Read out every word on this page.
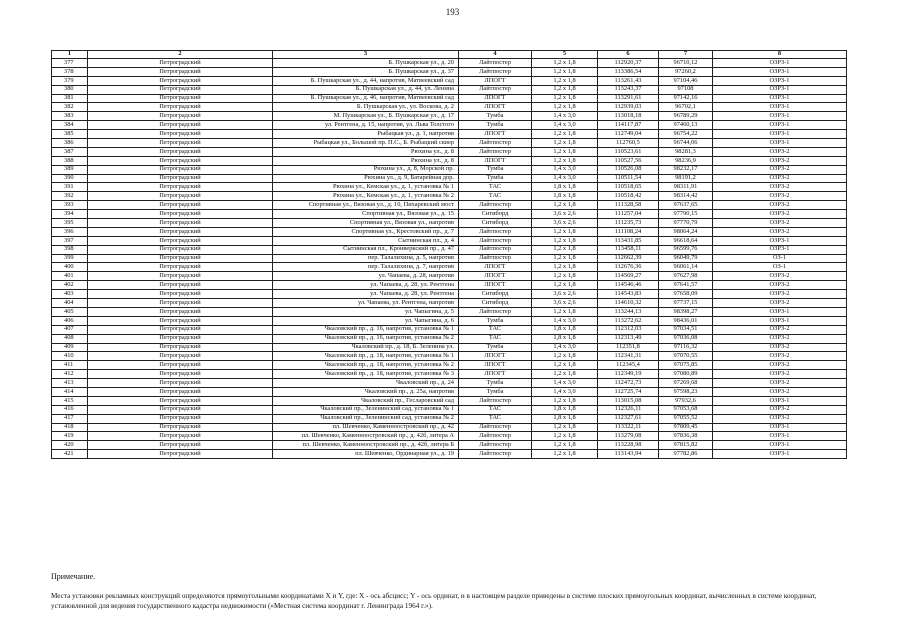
193
1	2	3	4	5	6	7	8
377	Петроградский	Б. Пушкарская ул., д. 20	Лайтпостер	1,2 х 1,8	112920,37	96710,12	ОЗРЗ-1
378	Петроградский	Б. Пушкарская ул., д. 37	Лайтпостер	1,2 х 1,8	113386,54	97260,2	ОЗРЗ-1
379	Петроградский	Б. Пушкарская ул., д. 44, напротив, Матвеевский сад	ЛПОГТ	1,2 х 1,8	113261,43	97104,46	ОЗРЗ-1
380	Петроградский	Б. Пушкарская ул., д. 44, ул. Ленина	Лайтпостер	1,2 х 1,8	113243,37	97108	ОЗРЗ-1
381	Петроградский	Б. Пушкарская ул., д. 46, напротив, Матвеевский сад	ЛПОГТ	1,2 х 1,8	113291,61	97142,16	ОЗРЗ-1
382	Петроградский	Б. Пушкарская ул., ул. Воскова, д. 2	ЛПОГТ	1,2 х 1,8	112939,03	96702,1	ОЗРЗ-1
383	Петроградский	М. Пушкарская ул., Б. Пушкарская ул., д. 17	Тумба	1,4 х 3,0	113018,18	96789,29	ОЗРЗ-1
384	Петроградский	ул. Рентгена, д. 15, напротив, ул. Льва Толстого	Тумба	1,4 х 3,0	114117,87	97460,13	ОЗРЗ-1
385	Петроградский	Рыбацкая ул., д. 1, напротив	ЛПОГТ	1,2 х 1,8	112749,04	96754,22	ОЗРЗ-1
386	Петроградский	Рыбацкая ул., Большой пр. П.С., Б. Рыбацкий сквер	Лайтпостер	1,2 х 1,8	112760,5	96744,06	ОЗРЗ-1
387	Петроградский	Рюхина ул., д. 8	Лайтпостер	1,2 х 1,8	110523,61	98281,3	ОЗРЗ-2
388	Петроградский	Рюхина ул., д. 8	ЛПОГТ	1,2 х 1,8	110527,56	98236,9	ОЗРЗ-2
389	Петроградский	Рюхина ул., д. 8, Морской пр.	Тумба	1,4 х 3,0	110526,08	98232,17	ОЗРЗ-2
390	Петроградский	Рюхина ул., д. 9, Батарейная дор.	Тумба	1,4 х 3,0	110511,54	98191,2	ОЗРЗ-2
391	Петроградский	Рюхина ул., Кемская ул., д. 1, установка № 1	ТАС	1,8 х 1,8	110518,65	98311,91	ОЗРЗ-2
392	Петроградский	Рюхина ул., Кемская ул., д. 1, установка № 2	ТАС	1,8 х 1,8	110518,42	98314,42	ОЗРЗ-2
393	Петроградский	Спортивная ул., Вязовая ул., д. 10, Пихаревский мост	Лайтпостер	1,2 х 1,8	111328,58	97637,65	ОЗРЗ-2
394	Петроградский	Спортивная ул., Вязовая ул., д. 15	Ситиборд	3,6 х 2,6	111257,04	97790,15	ОЗРЗ-2
395	Петроградский	Спортивная ул., Вязовая ул., напротив	Ситиборд	3,6 х 2,6	111235,73	97770,79	ОЗРЗ-2
396	Петроградский	Спортивная ул., Крестовский пр., д. 7	Лайтпостер	1,2 х 1,8	111108,24	98064,24	ОЗРЗ-2
397	Петроградский	Сытнинская пл., д. 4	Лайтпостер	1,2 х 1,8	113431,85	96618,64	ОЗРЗ-1
398	Петроградский	Сытнинская пл., Кронверкский пр., д. 47	Лайтпостер	1,2 х 1,8	113458,11	96599,76	ОЗРЗ-1
399	Петроградский	пер. Талалихина, д. 5, напротив	Лайтпостер	1,2 х 1,8	112662,39	96049,79	ОЗ-1
400	Петроградский	пер. Талалихина, д. 7, напротив	ЛПОГТ	1,2 х 1,8	112676,36	96061,14	ОЗ-1
401	Петроградский	ул. Чапаева, д. 28, напротив	ЛПОГТ	1,2 х 1,8	114569,27	97627,98	ОЗРЗ-2
402	Петроградский	ул. Чапаева, д. 28, ул. Рентгена	ЛПОГТ	1,2 х 1,8	114546,46	97641,57	ОЗРЗ-2
403	Петроградский	ул. Чапаева, д. 28, ул. Рентгена	Ситиборд	3,6 х 2,6	114543,83	97658,09	ОЗРЗ-2
404	Петроградский	ул. Чапаева, ул. Рентгена, напротив	Ситиборд	3,6 х 2,6	114610,32	97737,15	ОЗРЗ-2
405	Петроградский	ул. Чапыгина, д. 5	Лайтпостер	1,2 х 1,8	113244,13	98398,27	ОЗРЗ-1
406	Петроградский	ул. Чапыгина, д. 6	Тумба	1,4 х 3,0	113272,62	98436,01	ОЗРЗ-1
407	Петроградский	Чкаловский пр., д. 16, напротив, установка № 1	ТАС	1,8 х 1,8	112312,03	97034,51	ОЗРЗ-2
408	Петроградский	Чкаловский пр., д. 16, напротив, установка № 2	ТАС	1,8 х 1,8	112313,49	97036,08	ОЗРЗ-2
409	Петроградский	Чкаловский пр., д. 18, Б. Зеленина ул.	Тумба	1,4 х 3,0	112351,8	97116,32	ОЗРЗ-2
410	Петроградский	Чкаловский пр., д. 18, напротив, установка № 1	ЛПОГТ	1,2 х 1,8	112341,31	97070,55	ОЗРЗ-2
411	Петроградский	Чкаловский пр., д. 18, напротив, установка № 2	ЛПОГТ	1,2 х 1,8	112345,4	97075,85	ОЗРЗ-2
412	Петроградский	Чкаловский пр., д. 18, напротив, установка № 3	ЛПОГТ	1,2 х 1,8	112349,19	97080,89	ОЗРЗ-2
413	Петроградский	Чкаловский пр., д. 24	Тумба	1,4 х 3,0	112472,73	97269,68	ОЗРЗ-2
414	Петроградский	Чкаловский пр., д. 25а, напротив	Тумба	1,4 х 3,0	112725,74	97598,23	ОЗРЗ-2
415	Петроградский	Чкаловский пр., Гесларовский сад	Лайтпостер	1,2 х 1,8	113015,08	97932,6	ОЗРЗ-1
416	Петроградский	Чкаловский пр., Зеленинский сад, установка № 1	ТАС	1,8 х 1,8	112326,11	97053,68	ОЗРЗ-2
417	Петроградский	Чкаловский пр., Зеленинский сад, установка № 2	ТАС	1,8 х 1,8	112327,61	97055,52	ОЗРЗ-2
418	Петроградский	пл. Шевченко, Каменноостровский пр., д. 42	Лайтпостер	1,2 х 1,8	113322,11	97809,45	ОЗРЗ-1
419	Петроградский	пл. Шевченко, Каменноостровский пр., д. 42б, литера А	Лайтпостер	1,2 х 1,8	113279,08	97836,38	ОЗРЗ-1
420	Петроградский	пл. Шевченко, Каменноостровский пр., д. 42б, литера Б	Лайтпостер	1,2 х 1,8	113228,98	97815,82	ОЗРЗ-1
421	Петроградский	пл. Шевченко, Ординарная ул., д. 19	Лайтпостер	1,2 х 1,8	113143,94	97782,86	ОЗРЗ-1
Примечание.
Места установки рекламных конструкций определяются прямоугольными координатами X и Y, где: X - ось абсцисс; Y - ось ординат, и в настоящем разделе приведены в системе плоских прямоугольных координат, вычисленных в системе координат, установленной для ведения государственного кадастра недвижимости («Местная система координат г. Ленинграда 1964 г.»).
